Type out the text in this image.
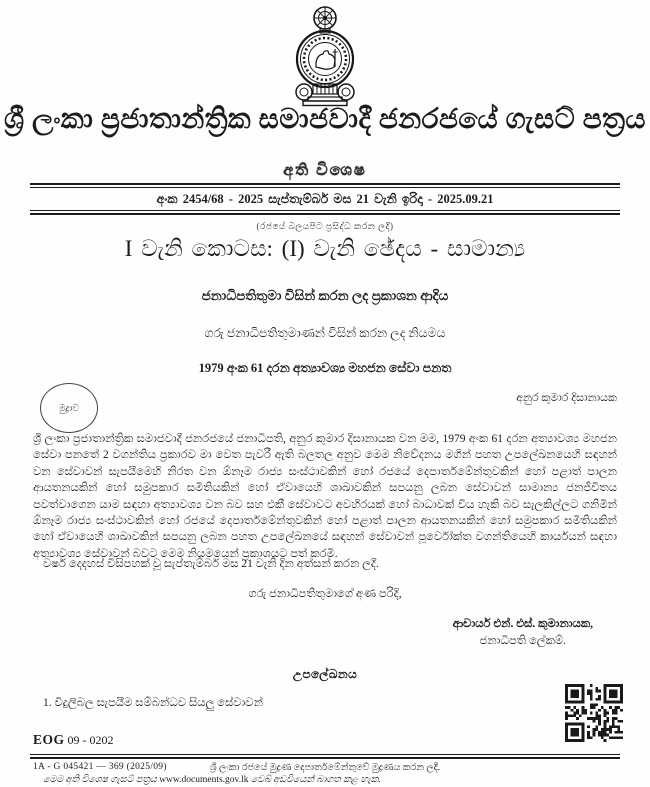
ශ්‍රී ලංකා ප්‍රජාතාන්ත්‍රික සමාජවාදී ජනරජයේ ගැසට් පත්‍රය
අති විශෙෂ
අංක 2454/68 - 2025 සැප්තැම්බර් මස 21 වැනි ඉරිදා - 2025.09.21
(රජයේ බලයපිට ප්‍රසිද්ධ කරන ලදී)
I වැනි කොටස: (I) වැනි ඡේදය - සාමාන්‍ය
ජනාධිපතිතුමා විසින් කරන ලද ප්‍රකාශන ආදිය
ගරු ජනාධිපතිතුමාණන් විසින් කරන ලද නියමය
1979 අංක 61 දරන අත්‍යාවශ්‍ය මහජන සේවා පනත
මුද්‍රාව
අනුර කුමාර දිසානායක

ශ්‍රී ලංකා ප්‍රජාතාන්ත්‍රික සමාජවාදී ජනරජයේ ජනාධිපති, අනුර කුමාර දිසානායක වන මම, 1979 අංක 61 දරන අත්‍යාවශ්‍ය මහජන සේවා පනතේ 2 වගන්තිය ප්‍රකාරව මා වෙත පැවරී ඇති බලතල අනුව මෙම නිවේදනය මගින් පහත උපලේඛනයෙහි සඳහන් වන සේවාවන් සැපයීමෙහි නිරත වන ඕනෑම රාජ්‍ය සංස්ථාවකින් හෝ රජයේ දෙපාර්තමේන්තුවකින් හෝ පළාත් පාලන ආයතනයකින් හෝ සමුපකාර සමිතියකින් හෝ ඒවායෙහි ශාඛාවකින් සපයනු ලබන සේවාවන් සාමාන්‍ය ජනජීවිතය පවත්වාගෙන යාම සඳහා අත්‍යාවශ්‍ය වන බව සහ එකී සේවාවට අවහිරයක් හෝ බාධාවක් විය හැකි බව සැලකිල්ලට ගනිමින් ඕනෑම රාජ්‍ය සංස්ථාවකින් හෝ රජයේ දෙපාර්තමේන්තුවකින් හෝ පළාත් පාලන ආයතනයකින් හෝ සමුපකාර සමිතියකින් හෝ ඒවායෙහි ශාඛාවකින් සපයනු ලබන පහත උපලේඛනයේ සඳහන් සේවාවන් පූර්වෝක්ත වගන්තියෙහි කාර්යයන් සඳහා අත්‍යාවශ්‍ය සේවාවන් බවට මෙම නියමයෙන් ප්‍රකාශයට පත් කරමි.

වර්ෂ දෙදහස් විසිපහක් වූ සැප්තැම්බර් මස 21 වැනි දින අත්සන් කරන ලදී.

ගරු ජනාධිපතිතුමාගේ අණ පරිදි,

ආචාර්ය එන්. එස්. කුමානායක,
ජනාධිපති ලේකම්.
උපලේඛනය
1. විදුලිබල සැපයීම සම්බන්ධව සියලු සේවාවන්
EOG 09 - 0202
1A - G 045421 — 369 (2025/09)	ශ්‍රී ලංකා රජයේ මුද්‍රණ දෙපාර්තමේන්තුවේ මුද්‍රණය කරන ලදී.
මෙම අති විශෙෂ ගැසට් පත්‍රය www.documents.gov.lk වෙබ් අඩවියෙන් බාගත කළ හැක.
